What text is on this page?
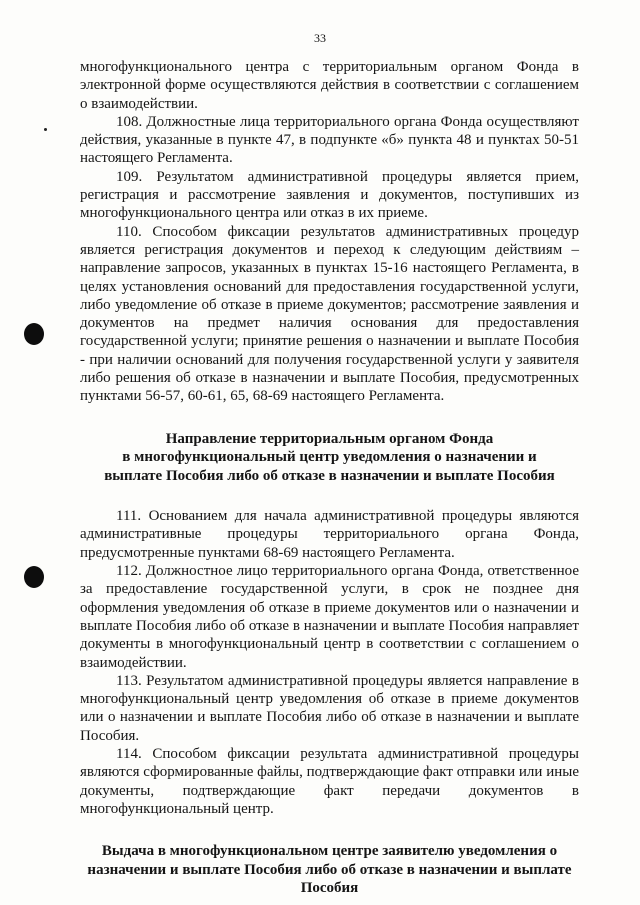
33

многофункционального центра с территориальным органом Фонда в электронной форме осуществляются действия в соответствии с соглашением о взаимодействии.

108. Должностные лица территориального органа Фонда осуществляют действия, указанные в пункте 47, в подпункте «б» пункта 48 и пунктах 50-51 настоящего Регламента.

109. Результатом административной процедуры является прием, регистрация и рассмотрение заявления и документов, поступивших из многофункционального центра или отказ в их приеме.

110. Способом фиксации результатов административных процедур является регистрация документов и переход к следующим действиям – направление запросов, указанных в пунктах 15-16 настоящего Регламента, в целях установления оснований для предоставления государственной услуги, либо уведомление об отказе в приеме документов; рассмотрение заявления и документов на предмет наличия основания для предоставления государственной услуги; принятие решения о назначении и выплате Пособия - при наличии оснований для получения государственной услуги у заявителя либо решения об отказе в назначении и выплате Пособия, предусмотренных пунктами 56-57, 60-61, 65, 68-69 настоящего Регламента.

Направление территориальным органом Фонда
в многофункциональный центр уведомления о назначении и
выплате Пособия либо об отказе в назначении и выплате Пособия

111. Основанием для начала административной процедуры являются административные процедуры территориального органа Фонда, предусмотренные пунктами 68-69 настоящего Регламента.

112. Должностное лицо территориального органа Фонда, ответственное за предоставление государственной услуги, в срок не позднее дня оформления уведомления об отказе в приеме документов или о назначении и выплате Пособия либо об отказе в назначении и выплате Пособия направляет документы в многофункциональный центр в соответствии с соглашением о взаимодействии.

113. Результатом административной процедуры является направление в многофункциональный центр уведомления об отказе в приеме документов или о назначении и выплате Пособия либо об отказе в назначении и выплате Пособия.

114. Способом фиксации результата административной процедуры являются сформированные файлы, подтверждающие факт отправки или иные документы, подтверждающие факт передачи документов в многофункциональный центр.

Выдача в многофункциональном центре заявителю уведомления о
назначении и выплате Пособия либо об отказе в назначении и выплате
Пособия
